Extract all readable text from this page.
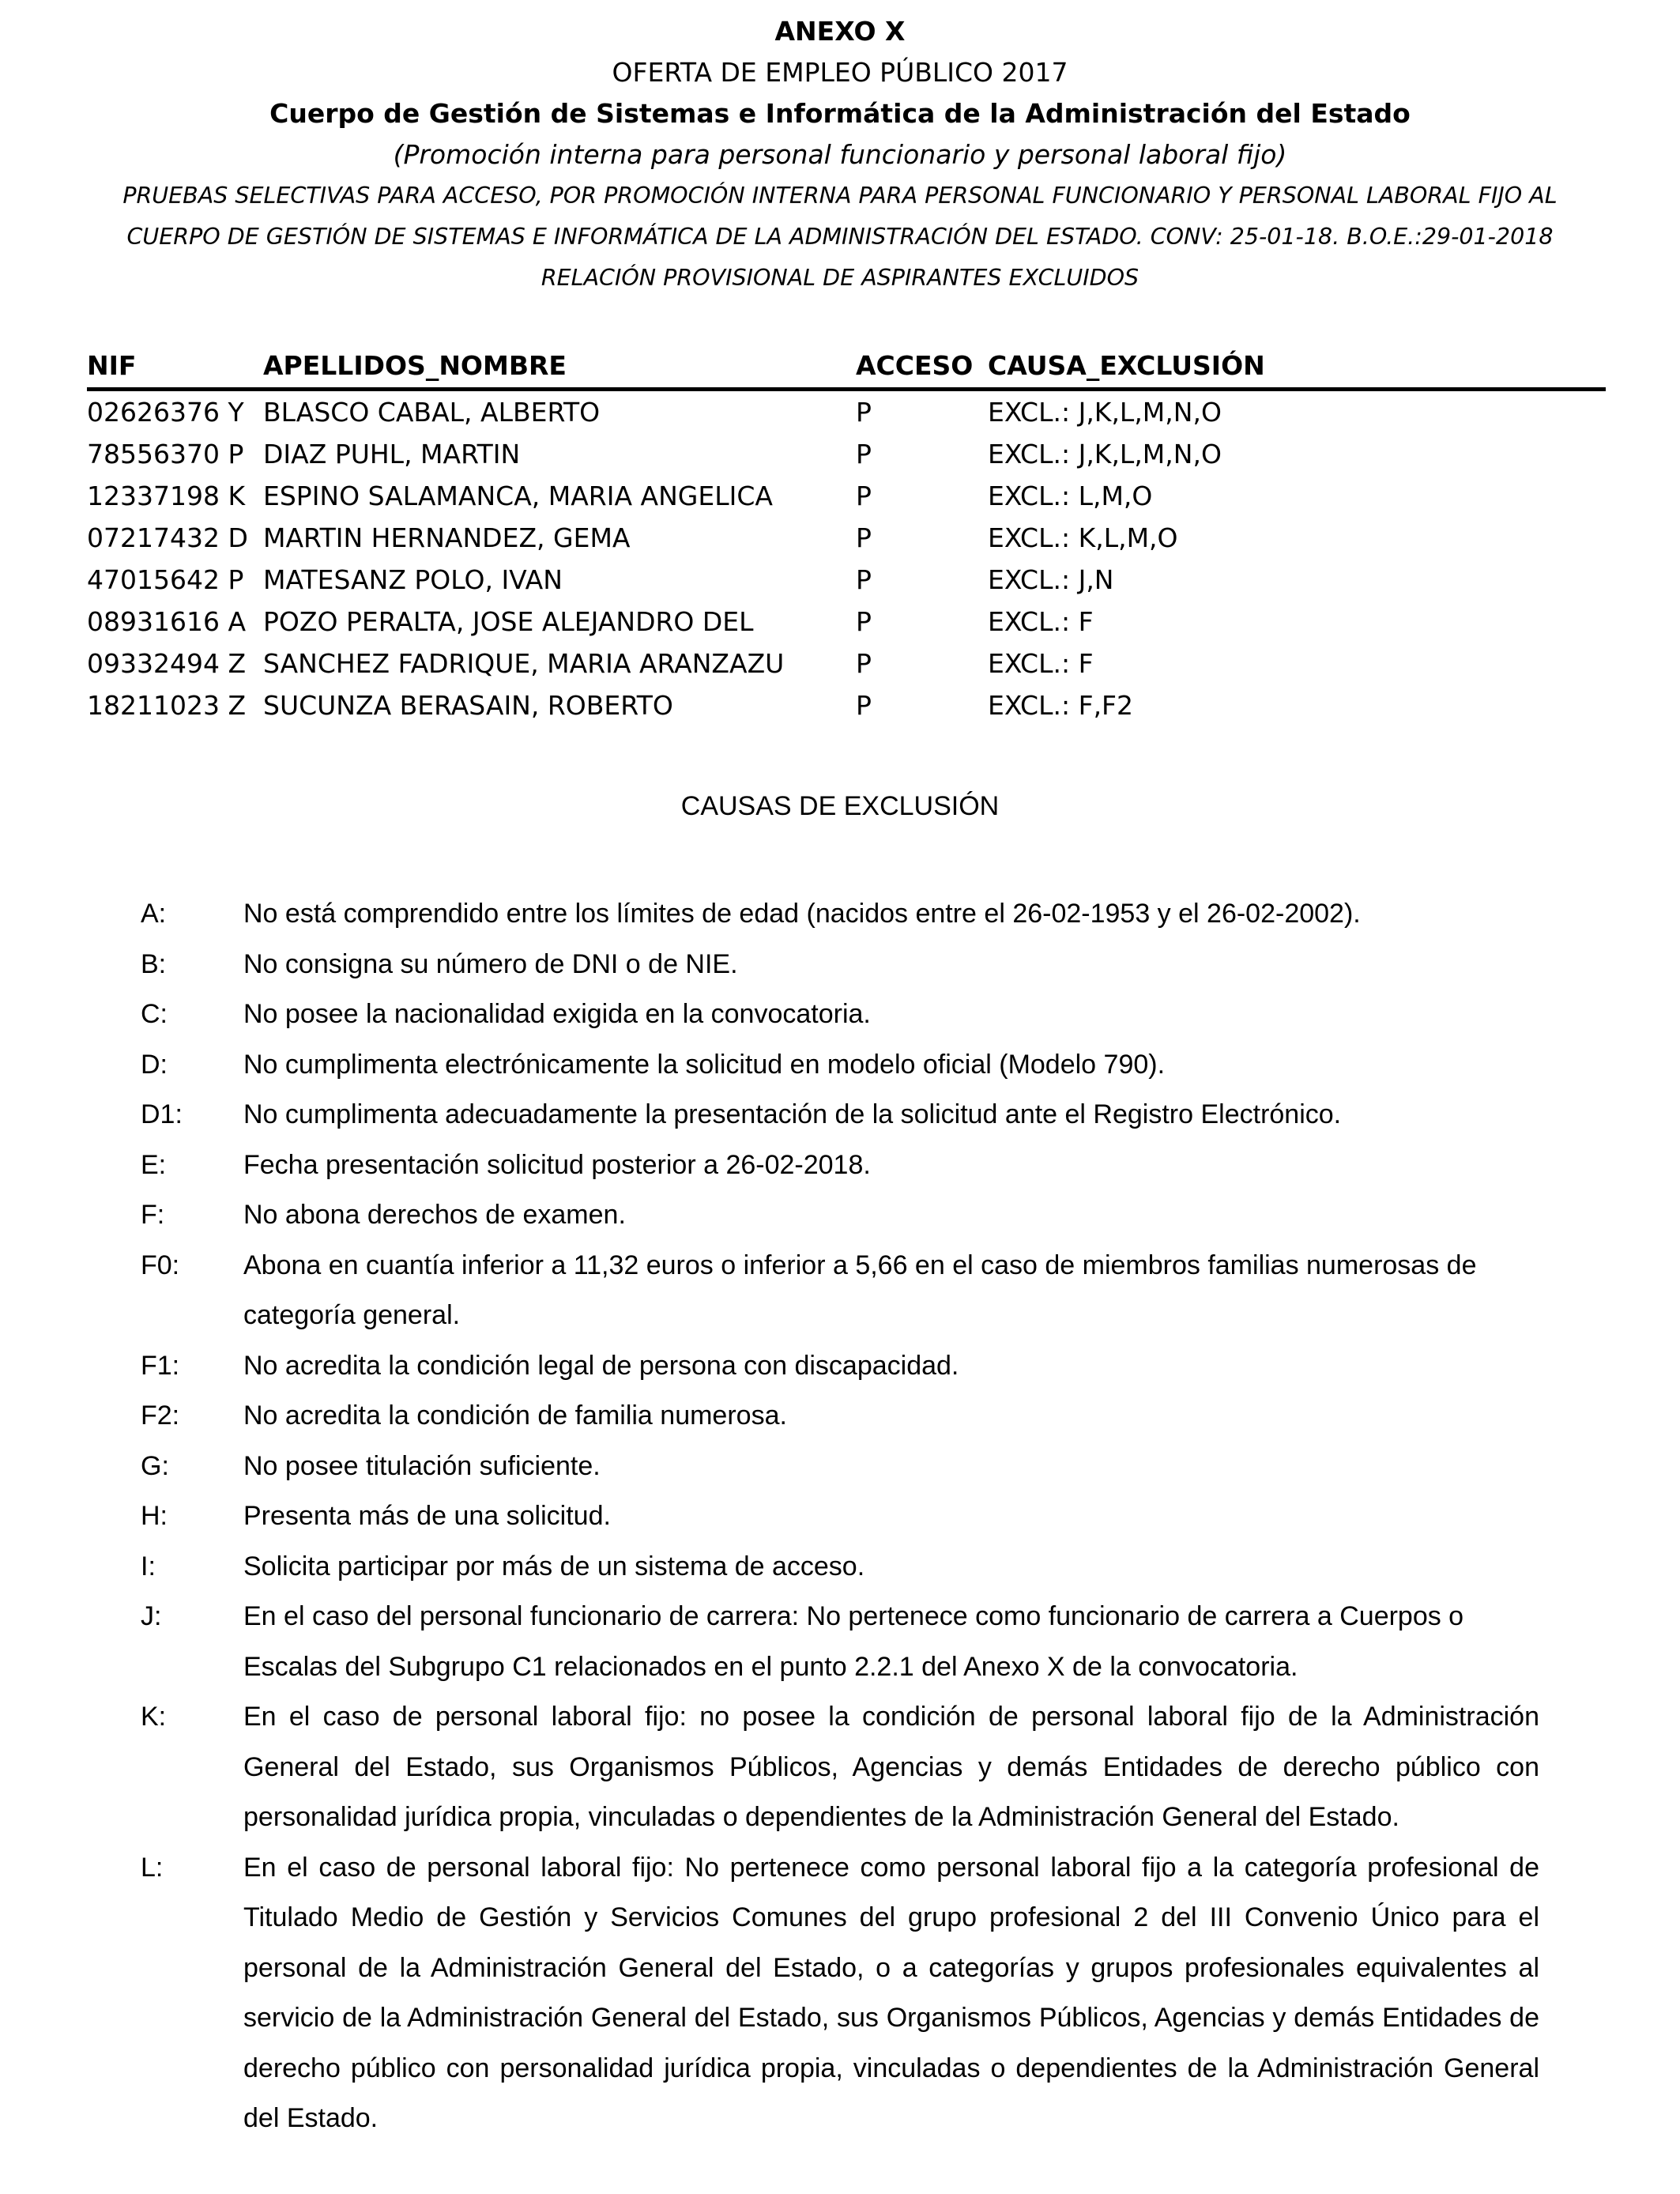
ANEXO X
OFERTA DE EMPLEO PÚBLICO 2017
Cuerpo de Gestión de Sistemas e Informática de la Administración del Estado
(Promoción interna para personal funcionario y personal laboral fijo)
PRUEBAS SELECTIVAS PARA ACCESO, POR PROMOCIÓN INTERNA PARA PERSONAL FUNCIONARIO Y PERSONAL LABORAL FIJO AL
CUERPO DE GESTIÓN DE SISTEMAS E INFORMÁTICA DE LA ADMINISTRACIÓN DEL ESTADO. CONV: 25-01-18. B.O.E.:29-01-2018
RELACIÓN PROVISIONAL DE ASPIRANTES EXCLUIDOS
NIF	APELLIDOS_NOMBRE	ACCESO CAUSA_EXCLUSIÓN
02626376 Y BLASCO CABAL, ALBERTO	P	EXCL.: J,K,L,M,N,O
78556370 P DIAZ PUHL, MARTIN	P	EXCL.: J,K,L,M,N,O
12337198 K ESPINO SALAMANCA, MARIA ANGELICA	P	EXCL.: L,M,O
07217432 D MARTIN HERNANDEZ, GEMA	P	EXCL.: K,L,M,O
47015642 P MATESANZ POLO, IVAN	P	EXCL.: J,N
08931616 A POZO PERALTA, JOSE ALEJANDRO DEL	P	EXCL.: F
09332494 Z SANCHEZ FADRIQUE, MARIA ARANZAZU	P	EXCL.: F
18211023 Z SUCUNZA BERASAIN, ROBERTO	P	EXCL.: F,F2
CAUSAS DE EXCLUSIÓN
A:	No está comprendido entre los límites de edad (nacidos entre el 26-02-1953 y el 26-02-2002).
B:	No consigna su número de DNI o de NIE.
C:	No posee la nacionalidad exigida en la convocatoria.
D:	No cumplimenta electrónicamente la solicitud en modelo oficial (Modelo 790).
D1: No cumplimenta adecuadamente la presentación de la solicitud ante el Registro Electrónico.
E:	Fecha presentación solicitud posterior a 26-02-2018.
F:	No abona derechos de examen.
F0: Abona en cuantía inferior a 11,32 euros o inferior a 5,66 en el caso de miembros familias numerosas de categoría general.
F1: No acredita la condición legal de persona con discapacidad.
F2: No acredita la condición de familia numerosa.
G:	No posee titulación suficiente.
H:	Presenta más de una solicitud.
I:	Solicita participar por más de un sistema de acceso.
J:	En el caso del personal funcionario de carrera: No pertenece como funcionario de carrera a Cuerpos o Escalas del Subgrupo C1 relacionados en el punto 2.2.1 del Anexo X de la convocatoria.
K:	En el caso de personal laboral fijo: no posee la condición de personal laboral fijo de la Administración General del Estado, sus Organismos Públicos, Agencias y demás Entidades de derecho público con personalidad jurídica propia, vinculadas o dependientes de la Administración General del Estado.
L:	En el caso de personal laboral fijo: No pertenece como personal laboral fijo a la categoría profesional de Titulado Medio de Gestión y Servicios Comunes del grupo profesional 2 del III Convenio Único para el personal de la Administración General del Estado, o a categorías y grupos profesionales equivalentes al servicio de la Administración General del Estado, sus Organismos Públicos, Agencias y demás Entidades de derecho público con personalidad jurídica propia, vinculadas o dependientes de la Administración General del Estado.
